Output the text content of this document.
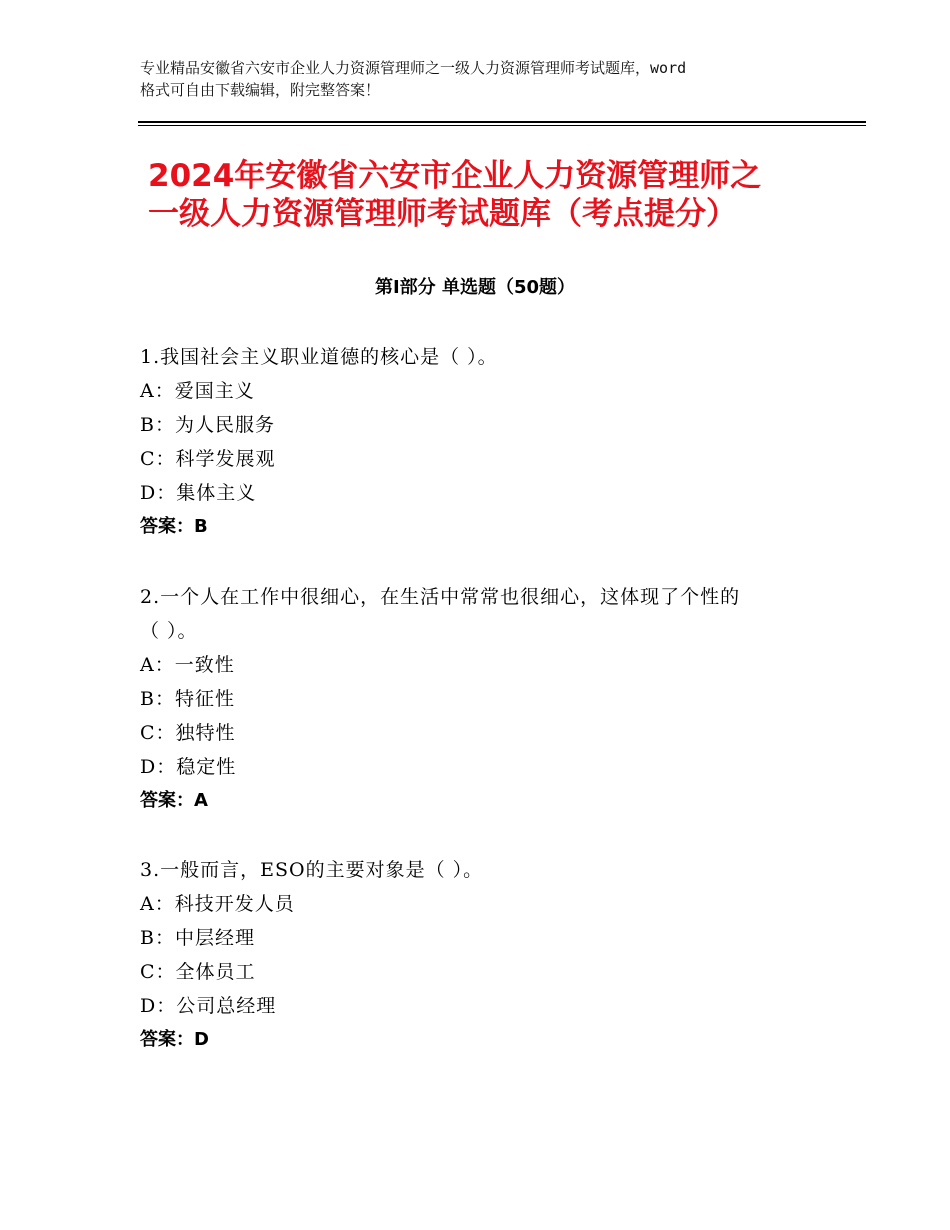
专业精品安徽省六安市企业人力资源管理师之一级人力资源管理师考试题库，word
格式可自由下载编辑，附完整答案！
2024年安徽省六安市企业人力资源管理师之
一级人力资源管理师考试题库（考点提分）
第Ⅰ部分 单选题（50题）
1.我国社会主义职业道德的核心是（ ）。
A：爱国主义
B：为人民服务
C：科学发展观
D：集体主义
答案：B
2.一个人在工作中很细心，在生活中常常也很细心，这体现了个性的
（ ）。
A：一致性
B：特征性
C：独特性
D：稳定性
答案：A
3.一般而言，ESO的主要对象是（ ）。
A：科技开发人员
B：中层经理
C：全体员工
D：公司总经理
答案：D
